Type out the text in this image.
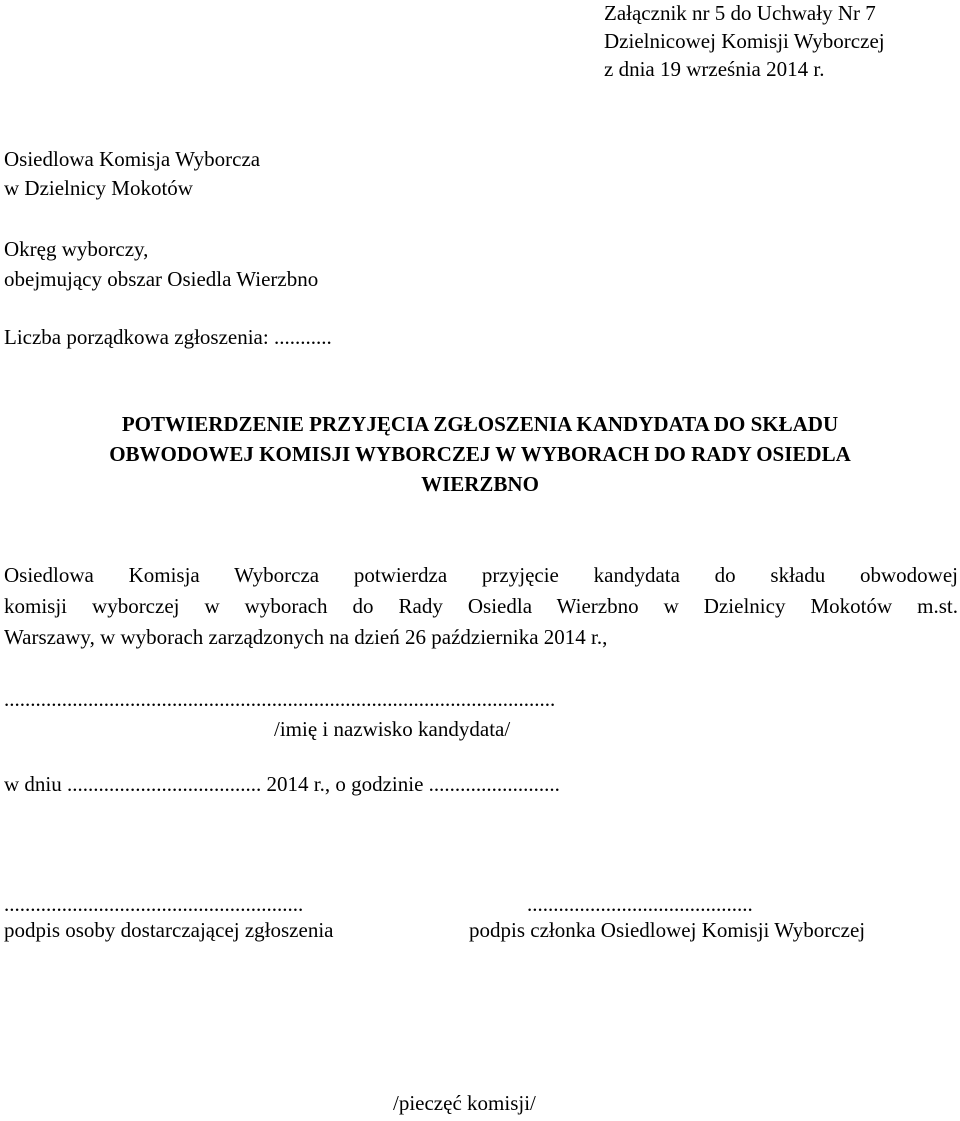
Załącznik nr 5 do Uchwały Nr 7
Dzielnicowej Komisji Wyborczej
z dnia 19 września 2014 r.
Osiedlowa Komisja Wyborcza
w Dzielnicy Mokotów
Okręg wyborczy,
obejmujący obszar Osiedla Wierzbno
Liczba porządkowa zgłoszenia: ...........
POTWIERDZENIE PRZYJĘCIA ZGŁOSZENIA KANDYDATA DO SKŁADU
OBWODOWEJ KOMISJI WYBORCZEJ W WYBORACH DO RADY OSIEDLA
WIERZBNO
Osiedlowa Komisja Wyborcza potwierdza przyjęcie kandydata do składu obwodowej
komisji wyborczej w wyborach do Rady Osiedla Wierzbno w Dzielnicy Mokotów m.st.
Warszawy, w wyborach zarządzonych na dzień 26 października 2014 r.,
.........................................................................................................
/imię i nazwisko kandydata/
w dniu ..................................... 2014 r., o godzinie .........................
.........................................................	...........................................
podpis osoby dostarczającej zgłoszenia	podpis członka Osiedlowej Komisji Wyborczej
/pieczęć komisji/
